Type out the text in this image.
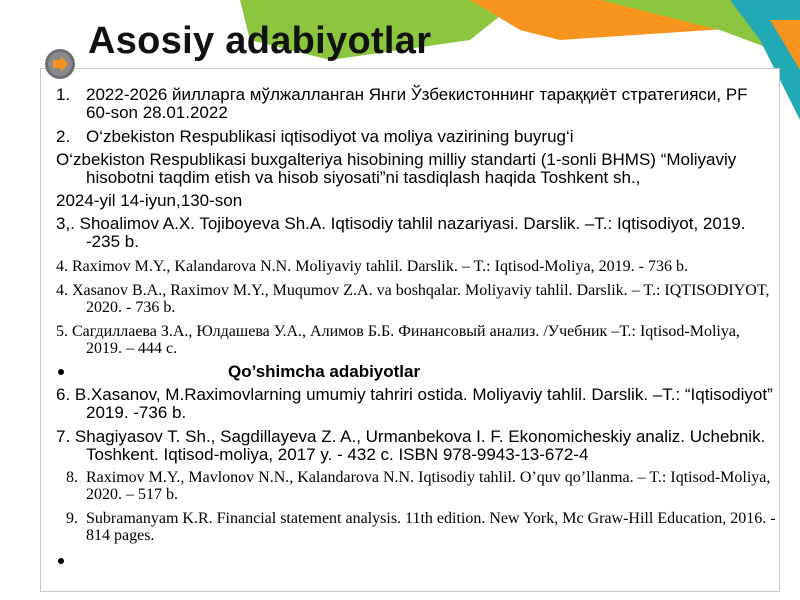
Asosiy adabiyotlar
1. 2022-2026 йилларга мўлжалланган Янги Ўзбекистоннинг тараққиёт стратегияси, PF 60-son 28.01.2022
2. O‘zbekiston Respublikasi iqtisodiyot va moliya vazirining buyrug‘i
O‘zbekiston Respublikasi buxgalteriya hisobining milliy standarti (1-sonli BHMS) “Moliyaviy hisobotni taqdim etish va hisob siyosati”ni tasdiqlash haqida Toshkent sh.,
2024-yil 14-iyun,130-son
3,. Shoalimov A.X. Tojiboyeva Sh.A. Iqtisodiy tahlil nazariyasi. Darslik. –T.: Iqtisodiyot, 2019. -235 b.
4. Raximov M.Y., Kalandarova N.N. Moliyaviy tahlil. Darslik. – T.: Iqtisod-Moliya, 2019. - 736 b.
4. Xasanov B.A., Raximov M.Y., Muqumov Z.A. va boshqalar. Moliyaviy tahlil. Darslik. – T.: IQTISODIYOT, 2020. - 736 b.
5. Сагдиллаева З.А., Юлдашева У.А., Алимов Б.Б. Финансовый анализ. /Учебник –Т.: Iqtisod-Moliya, 2019. – 444 с.
Qo’shimcha adabiyotlar
6. B.Xasanov, M.Raximovlarning umumiy tahriri ostida. Moliyaviy tahlil. Darslik. –T.: “Iqtisodiyot” 2019. -736 b.
7. Shagiyasov T. Sh., Sagdillayeva Z. A., Urmanbekova I. F. Ekonomicheskiy analiz. Uchebnik. Toshkent. Iqtisod-moliya, 2017 y. - 432 c. ISBN 978-9943-13-672-4
8. Raximov M.Y., Mavlonov N.N., Kalandarova N.N. Iqtisodiy tahlil. O’quv qo’llanma. – T.: Iqtisod-Moliya, 2020. – 517 b.
9. Subramanyam K.R. Financial statement analysis. 11th edition. New York, Mc Graw-Hill Education, 2016. - 814 pages.
